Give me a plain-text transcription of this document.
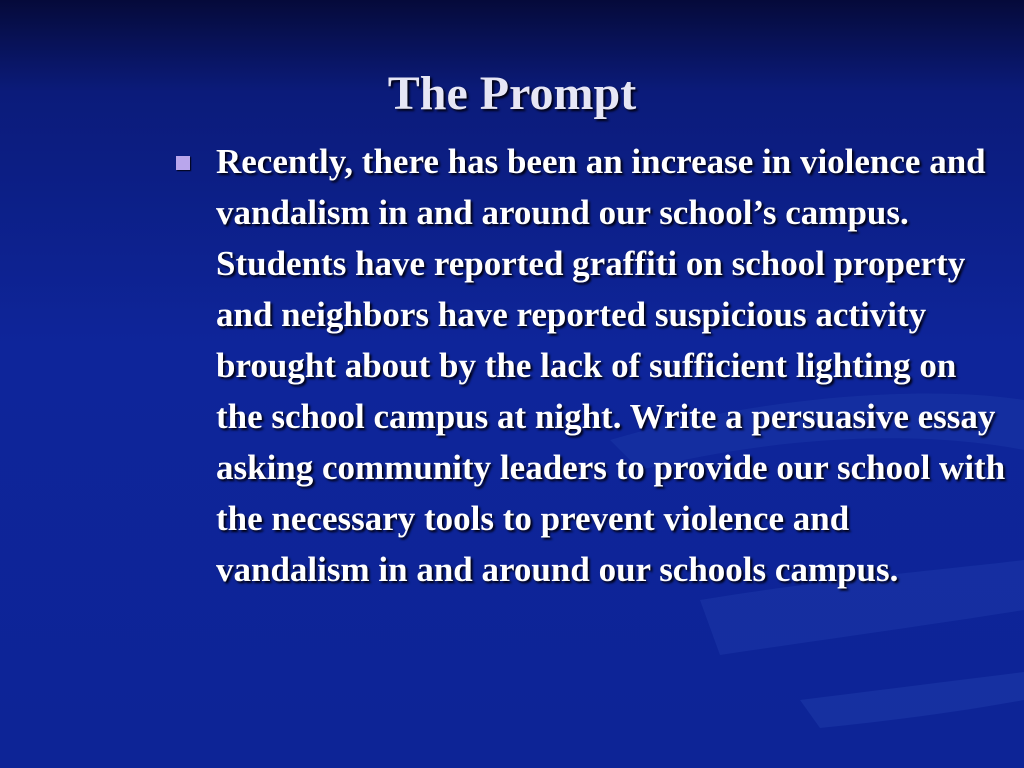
The Prompt
Recently, there has been an increase in violence and vandalism in and around our school’s campus. Students have reported graffiti on school property and neighbors have reported suspicious activity brought about by the lack of sufficient lighting on the school campus at night. Write a persuasive essay asking community leaders to provide our school with the necessary tools to prevent violence and vandalism in and around our schools campus.
